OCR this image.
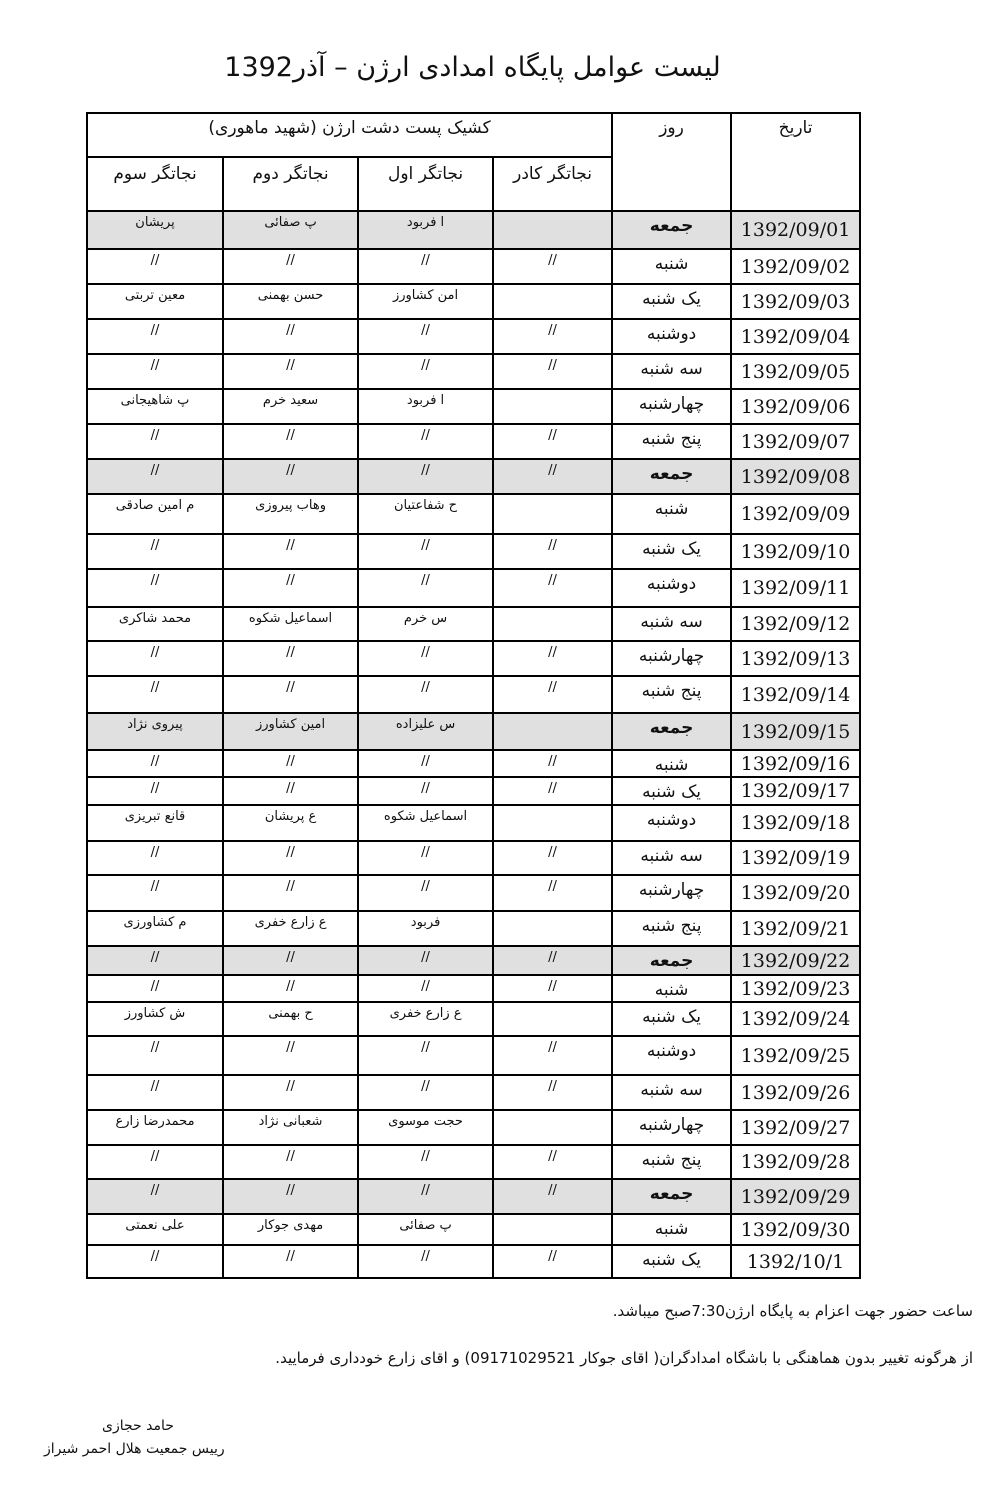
لیست عوامل پایگاه امدادی ارژن – آذر1392
تاریخ	روز	کشیک پست دشت ارژن (شهید ماهوری)			
		نجاتگر کادر	نجاتگر اول	نجاتگر دوم	نجاتگر سوم
1392/09/01	جمعه		ا فربود	پ صفائی	پریشان
1392/09/02	شنبه	//	//	//	//
1392/09/03	یک شنبه		امن کشاورز	حسن بهمنی	معین تربتی
1392/09/04	دوشنبه	//	//	//	//
1392/09/05	سه شنبه	//	//	//	//
1392/09/06	چهارشنبه		ا فربود	سعید خرم	پ شاهیجانی
1392/09/07	پنج شنبه	//	//	//	//
1392/09/08	جمعه	//	//	//	//
1392/09/09	شنبه		ح شفاعتیان	وهاب پیروزی	م امین صادقی
1392/09/10	یک شنبه	//	//	//	//
1392/09/11	دوشنبه	//	//	//	//
1392/09/12	سه شنبه		س خرم	اسماعیل شکوه	محمد شاکری
1392/09/13	چهارشنبه	//	//	//	//
1392/09/14	پنج شنبه	//	//	//	//
1392/09/15	جمعه		س علیزاده	امین کشاورز	پیروی نژاد
1392/09/16	شنبه	//	//	//	//
1392/09/17	یک شنبه	//	//	//	//
1392/09/18	دوشنبه		اسماعیل شکوه	ع پریشان	قانع تبریزی
1392/09/19	سه شنبه	//	//	//	//
1392/09/20	چهارشنبه	//	//	//	//
1392/09/21	پنج شنبه		فربود	ع زارع خفری	م کشاورزی
1392/09/22	جمعه	//	//	//	//
1392/09/23	شنبه	//	//	//	//
1392/09/24	یک شنبه		ع زارع خفری	ح بهمنی	ش کشاورز
1392/09/25	دوشنبه	//	//	//	//
1392/09/26	سه شنبه	//	//	//	//
1392/09/27	چهارشنبه		حجت موسوی	شعبانی نژاد	محمدرضا زارع
1392/09/28	پنج شنبه	//	//	//	//
1392/09/29	جمعه	//	//	//	//
1392/09/30	شنبه		پ صفائی	مهدی جوکار	علی نعمتی
1392/10/1	یک شنبه	//	//	//	//
ساعت حضور جهت اعزام به پایگاه ارژن7:30صبح میباشد.
از هرگونه تغییر بدون هماهنگی با باشگاه امدادگران( اقای جوکار 09171029521) و اقای زارع خودداری فرمایید.
حامد حجازی
رییس جمعیت هلال احمر شیراز
